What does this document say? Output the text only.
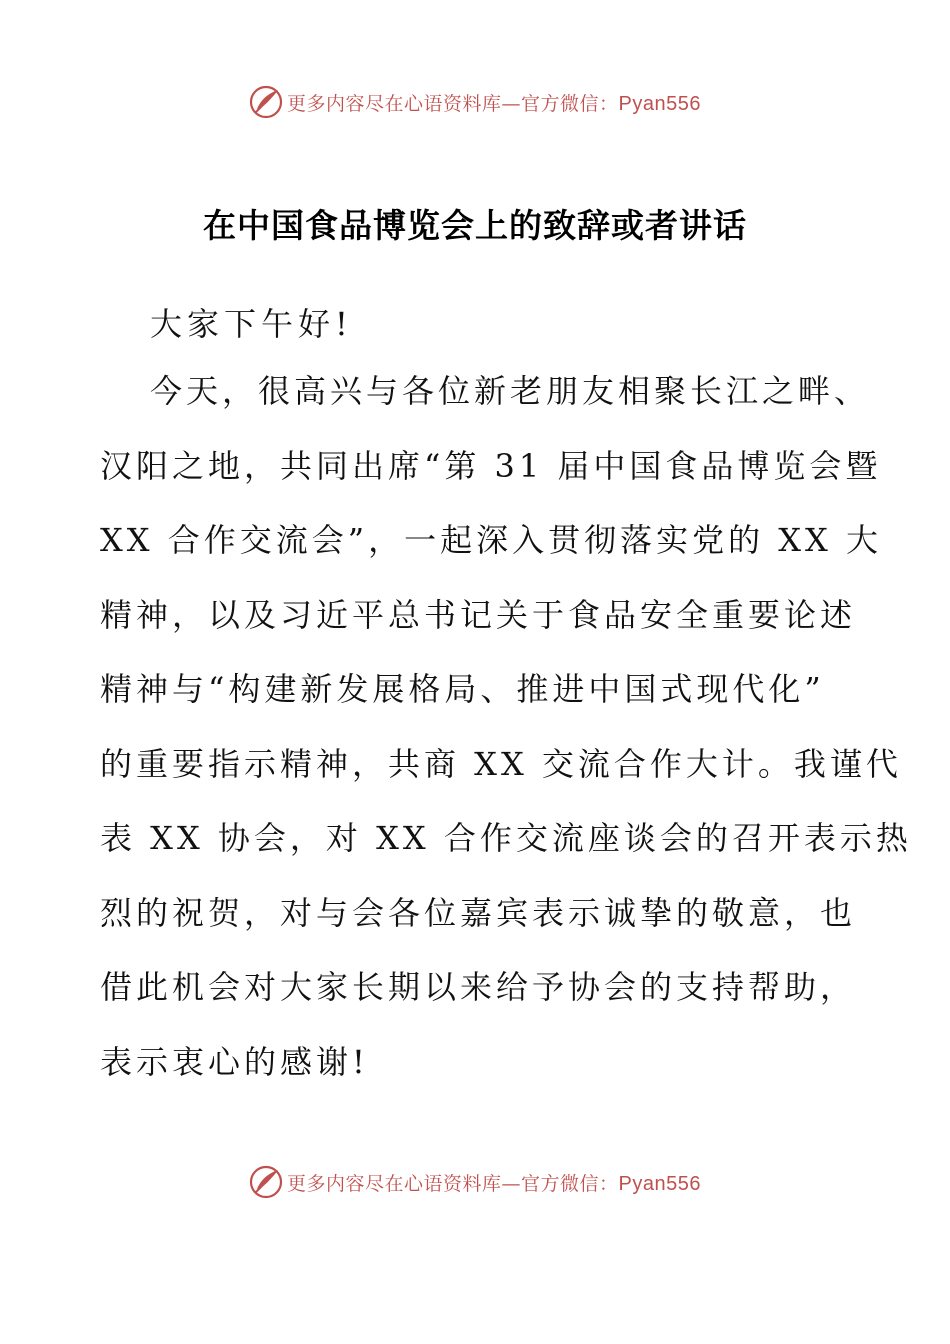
更多内容尽在心语资料库—官方微信：Pyan556
在中国食品博览会上的致辞或者讲话

大家下午好!

今天，很高兴与各位新老朋友相聚长江之畔、
汉阳之地，共同出席“第 31 届中国食品博览会暨
XX 合作交流会”，一起深入贯彻落实党的 XX 大
精神，以及习近平总书记关于食品安全重要论述
精神与“构建新发展格局、推进中国式现代化”
的重要指示精神，共商 XX 交流合作大计。我谨代
表 XX 协会，对 XX 合作交流座谈会的召开表示热
烈的祝贺，对与会各位嘉宾表示诚挚的敬意，也
借此机会对大家长期以来给予协会的支持帮助，
表示衷心的感谢!
更多内容尽在心语资料库—官方微信：Pyan556
